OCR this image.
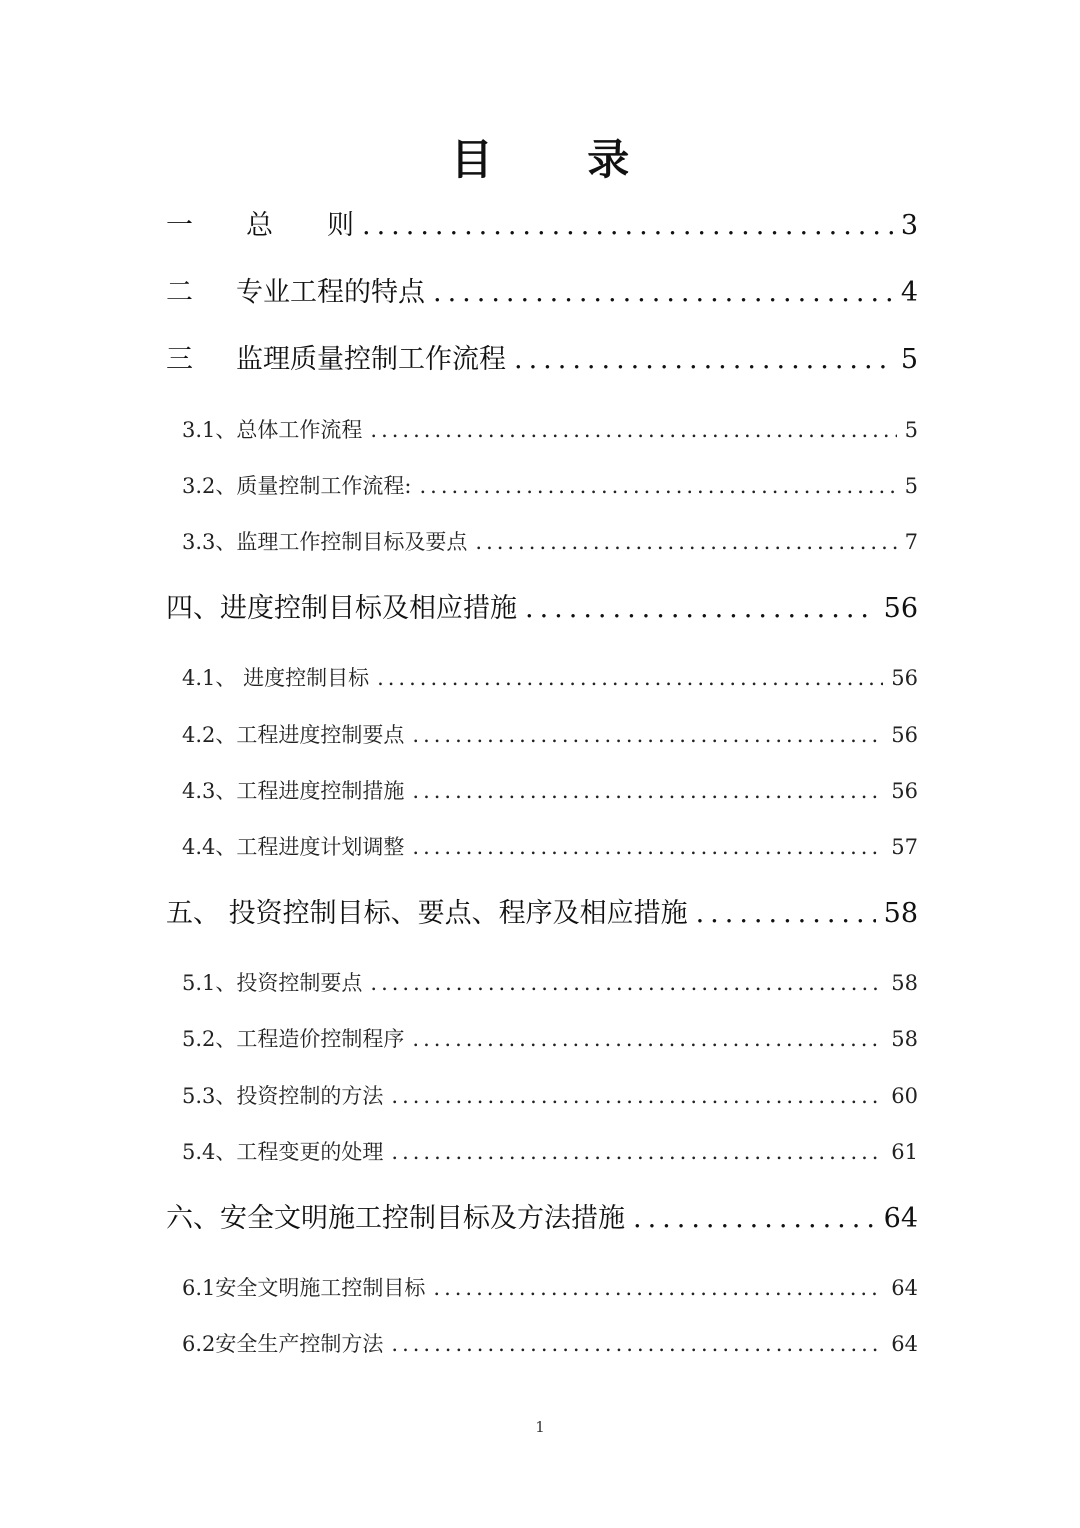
目 录
一	总　　则 .....	3
二	专业工程的特点 .....	4
三	监理质量控制工作流程 .....	5
3.1、总体工作流程 .....	5
3.2、质量控制工作流程: .....	5
3.3、监理工作控制目标及要点 .....	7
四、进度控制目标及相应措施 .....	56
4.1、 进度控制目标 .....	56
4.2、工程进度控制要点 .....	56
4.3、工程进度控制措施 .....	56
4.4、工程进度计划调整 .....	57
五、 投资控制目标、要点、程序及相应措施 .....	58
5.1、投资控制要点 .....	58
5.2、工程造价控制程序 .....	58
5.3、投资控制的方法 .....	60
5.4、工程变更的处理 .....	61
六、安全文明施工控制目标及方法措施 .....	64
6.1安全文明施工控制目标 .....	64
6.2安全生产控制方法 .....	64
1
